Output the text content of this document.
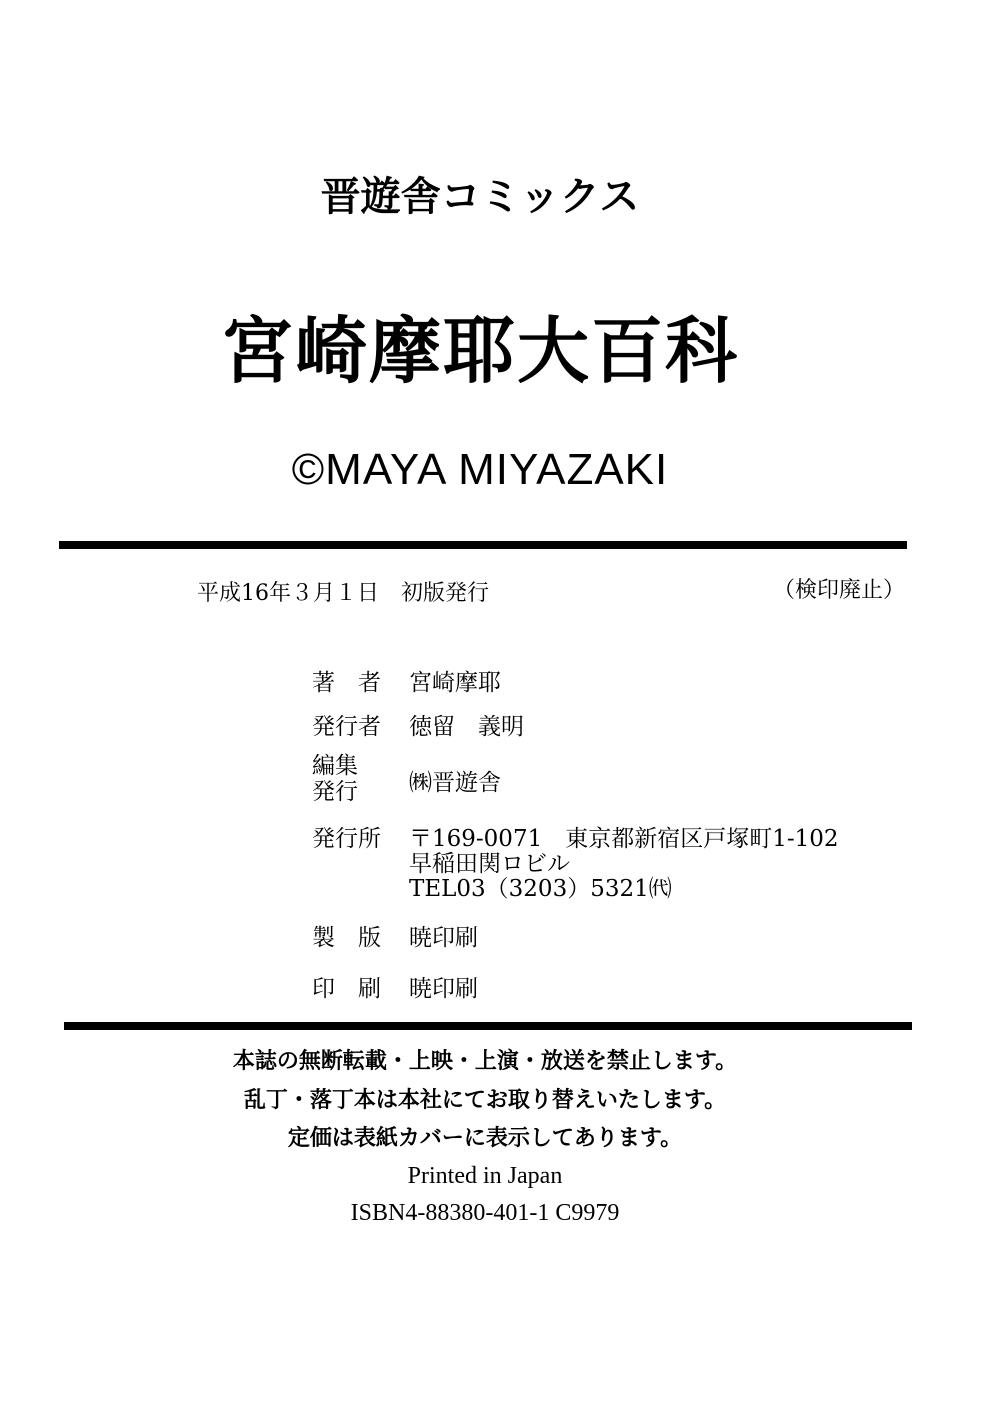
晋遊舎コミックス
宮崎摩耶大百科
©MAYA MIYAZAKI
平成16年３月１日　初版発行	（検印廃止）
著　者 宮崎摩耶
発行者 徳留　義明
編集
発行 ㈱晋遊舎
発行所 〒169-0071　東京都新宿区戸塚町1-102
早稲田関ロビル
TEL03（3203）5321㈹
製　版 暁印刷
印　刷 暁印刷
本誌の無断転載・上映・上演・放送を禁止します。
乱丁・落丁本は本社にてお取り替えいたします。
定価は表紙カバーに表示してあります。
Printed in Japan
ISBN4-88380-401-1 C9979
